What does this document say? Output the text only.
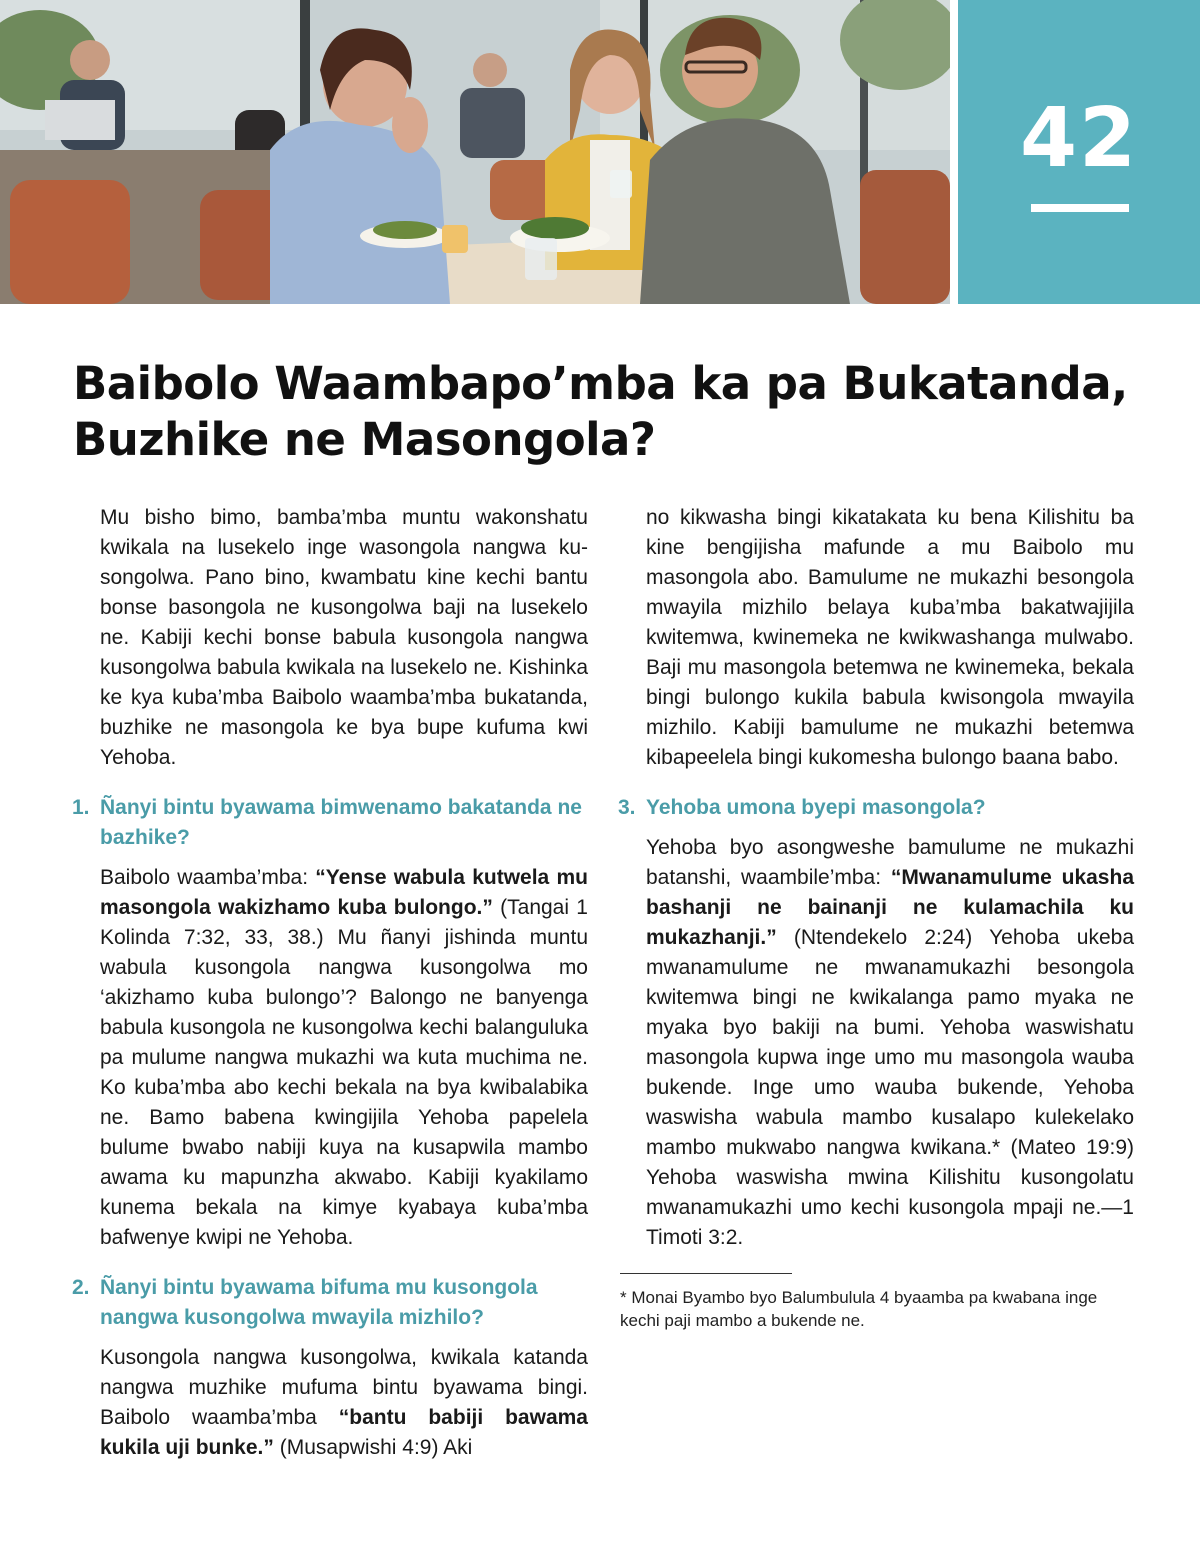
42
Baibolo Waambapo’mba ka pa Bukatanda, Buzhike ne Masongola?

Mu bisho bimo, bamba’mba muntu wakonshatu kwikala na lusekelo inge wasongola nangwa kusongolwa. Pano bino, kwambatu kine kechi bantu bonse basongola ne kusongolwa baji na lusekelo ne. Kabiji kechi bonse babula kusongola nangwa kusongolwa babula kwikala na lusekelo ne. Kishinka ke kya kuba’mba Baibolo waamba’mba bukatanda, buzhike ne masongola ke bya bupe kufuma kwi Yehoba.

1. Ñanyi bintu byawama bimwenamo bakatanda ne bazhike?

Baibolo waamba’mba: “Yense wabula kutwela mu masongola wakizhamo kuba bulongo.” (Tangai 1 Kolinda 7:32, 33, 38.) Mu ñanyi jishinda muntu wabula kusongola nangwa kusongolwa mo ‘akizhamo kuba bulongo’? Balongo ne banyenga babula kusongola ne kusongolwa kechi balanguluka pa mulume nangwa mukazhi wa kuta muchima ne. Ko kuba’mba abo kechi bekala na bya kwibalabika ne. Bamo babena kwingijila Yehoba papelela bulume bwabo nabiji kuya na kusapwila mambo awama ku mapunzha akwabo. Kabiji kyakilamo kunema bekala na kimye kyabaya kuba’mba bafwenye kwipi ne Yehoba.

2. Ñanyi bintu byawama bifuma mu kusongola nangwa kusongolwa mwayila mizhilo?

Kusongola nangwa kusongolwa, kwikala katanda nangwa muzhike mufuma bintu byawama bingi. Baibolo waamba’mba “bantu babiji bawama kukila uji bunke.” (Musapwishi 4:9) Aki

no kikwasha bingi kikatakata ku bena Kilishitu ba kine bengijisha mafunde a mu Baibolo mu masongola abo. Bamulume ne mukazhi besongola mwayila mizhilo belaya kuba’mba bakatwajijila kwitemwa, kwinemeka ne kwikwashanga mulwabo. Baji mu masongola betemwa ne kwinemeka, bekala bingi bulongo kukila babula kwisongola mwayila mizhilo. Kabiji bamulume ne mukazhi betemwa kibapeelela bingi kukomesha bulongo baana babo.

3. Yehoba umona byepi masongola?

Yehoba byo asongweshe bamulume ne mukazhi batanshi, waambile’mba: “Mwanamulume ukasha bashanji ne bainanji ne kulamachila ku mukazhanji.” (Ntendekelo 2:24) Yehoba ukeba mwanamulume ne mwanamukazhi besongola kwitemwa bingi ne kwikalanga pamo myaka ne myaka byo bakiji na bumi. Yehoba waswishatu masongola kupwa inge umo mu masongola wauba bukende. Inge umo wauba bukende, Yehoba waswisha wabula mambo kusalapo kulekelako mambo mukwabo nangwa kwikana.* (Mateo 19:9) Yehoba waswisha mwina Kilishitu kusongolatu mwanamukazhi umo kechi kusongola mpaji ne.—1 Timoti 3:2.

* Monai Byambo byo Balumbulula 4 byaamba pa kwabana inge kechi paji mambo a bukende ne.
